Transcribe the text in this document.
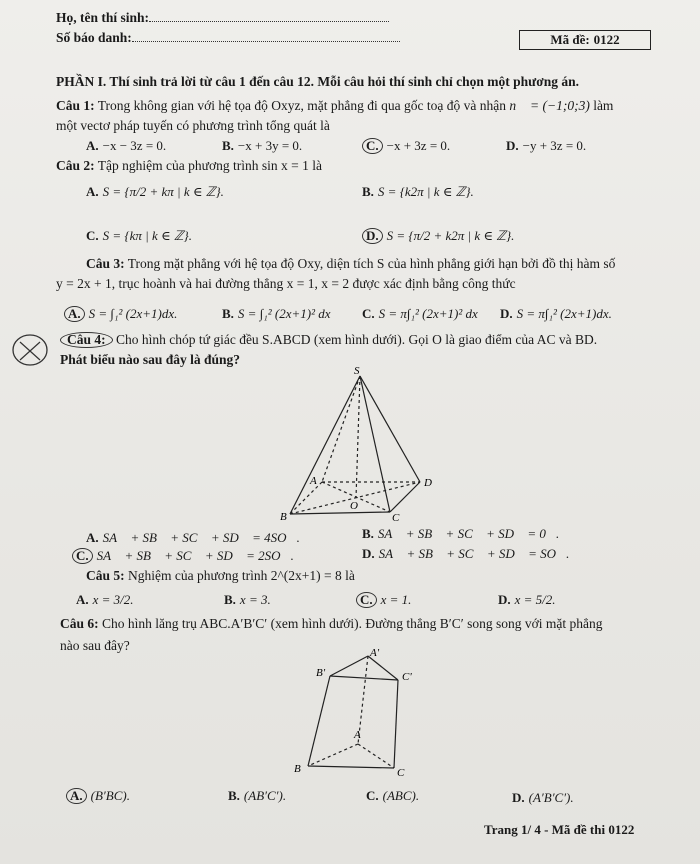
Họ, tên thí sinh:
Số báo danh:	Mã đề: 0122
PHẦN I. Thí sinh trả lời từ câu 1 đến câu 12. Mỗi câu hỏi thí sinh chỉ chọn một phương án.
Câu 1: Trong không gian với hệ tọa độ Oxyz, mặt phẳng đi qua gốc toạ độ và nhận n⃗ = (−1;0;3) làm
một vectơ pháp tuyến có phương trình tổng quát là
A. −x − 3z = 0.	B. −x + 3y = 0.	C. −x + 3z = 0.	D. −y + 3z = 0.
Câu 2: Tập nghiệm của phương trình sin x = 1 là
A. S = {π/2 + kπ | k ∈ ℤ}.	B. S = {k2π | k ∈ ℤ}.
C. S = {kπ | k ∈ ℤ}.	D. S = {π/2 + k2π | k ∈ ℤ}.
Câu 3: Trong mặt phẳng với hệ tọa độ Oxy, diện tích S của hình phẳng giới hạn bởi đồ thị hàm số
y = 2x + 1, trục hoành và hai đường thẳng x = 1, x = 2 được xác định bằng công thức
A. S = ∫₁² (2x+1)dx.	B. S = ∫₁² (2x+1)² dx C. S = π∫₁² (2x+1)² dx D. S = π∫₁² (2x+1)dx.
Câu 4: Cho hình chóp tứ giác đều S.ABCD (xem hình dưới). Gọi O là giao điểm của AC và BD.
Phát biểu nào sau đây là đúng?
S
A
B	C
D
O
A. SA⃗ + SB⃗ + SC⃗ + SD⃗ = 4SO⃗.	B. SA⃗ + SB⃗ + SC⃗ + SD⃗ = 0⃗.
C. SA⃗ + SB⃗ + SC⃗ + SD⃗ = 2SO⃗.	D. SA⃗ + SB⃗ + SC⃗ + SD⃗ = SO⃗.
Câu 5: Nghiệm của phương trình 2^(2x+1) = 8 là
A. x = 3/2.	B. x = 3.	C. x = 1.	D. x = 5/2.
Câu 6: Cho hình lăng trụ ABC.A′B′C′ (xem hình dưới). Đường thẳng B′C′ song song với mặt phẳng
nào sau đây?	A'
B'	C'
A
B	C
A. (B′BC).	B. (AB′C′).	C. (ABC).	D. (A′B′C′).
Trang 1/ 4 - Mã đề thi 0122
